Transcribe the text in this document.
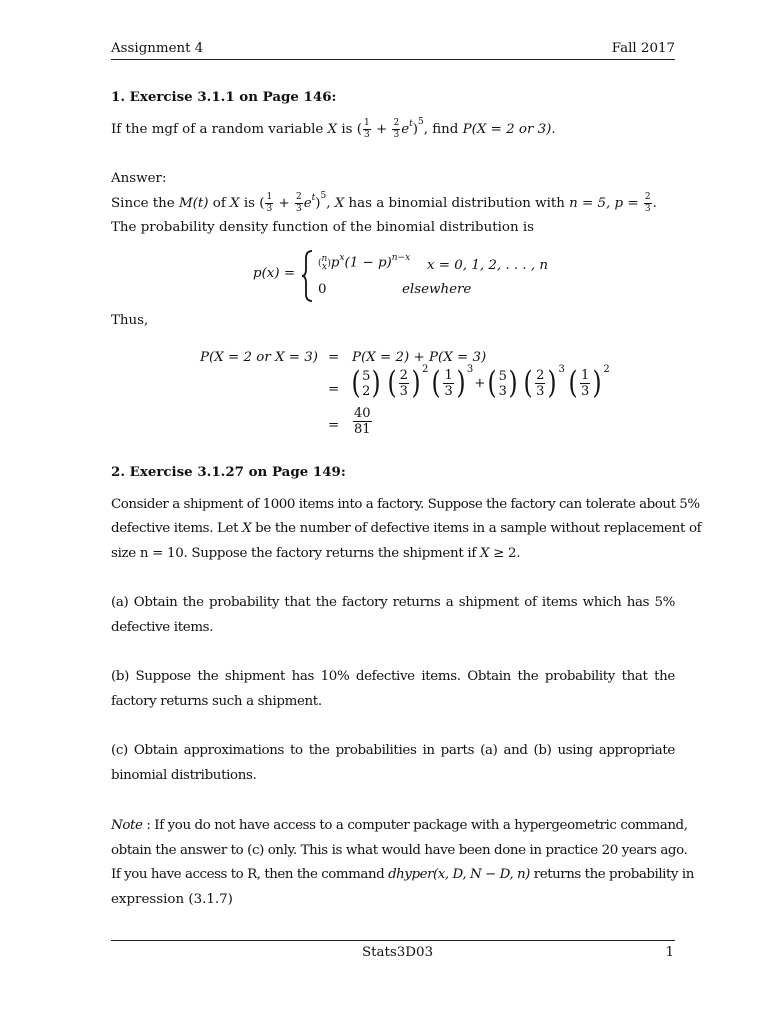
Assignment 4	Fall 2017
1. Exercise 3.1.1 on Page 146:
If the mgf of a random variable X is ( $\frac{1}{3} + \frac{2}{3} e^t)^5$, find P(X = 2 or 3).
Answer:
Since the M(t) of X is ( $\frac{1}{3} + \frac{2}{3} e^t)^5$, X has a binomial distribution with n = 5, $p = \frac{2}{3}$ .
The probability density function of the binomial distribution is
p(x) =
( n
x )$p^x(1 - p)^{n-x}$
x = 0, 1, 2, . . . , n
0	elsewhere
Thus,
P(X = 2 or X = 3) = P(X = 2) + P(X = 3)
= ( 5
2 ) ( $\frac{2}{3}$ ) 2 ( $\frac{1}{3}$ ) 3
+ ( 5
3 ) ( $\frac{2}{3}$ ) 3 ( $\frac{1}{3}$ ) 2
= $\frac{40}{81}$
2. Exercise 3.1.27 on Page 149:
Consider a shipment of 1000 items into a factory. Suppose the factory can tolerate about 5%
defective items. Let X be the number of defective items in a sample without replacement of
size n = 10. Suppose the factory returns the shipment if X ≥ 2.
(a) Obtain the probability that the factory returns a shipment of items which has 5% defective items.
(b) Suppose the shipment has 10% defective items. Obtain the probability that the factory returns such a shipment.
(c) Obtain approximations to the probabilities in parts (a) and (b) using appropriate binomial distributions.
Note : If you do not have access to a computer package with a hypergeometric command,
obtain the answer to (c) only. This is what would have been done in practice 20 years ago.
If you have access to R, then the command dhyper(x, D, N − D, n) returns the probability in
expression (3.1.7)
Stats3D03	1
